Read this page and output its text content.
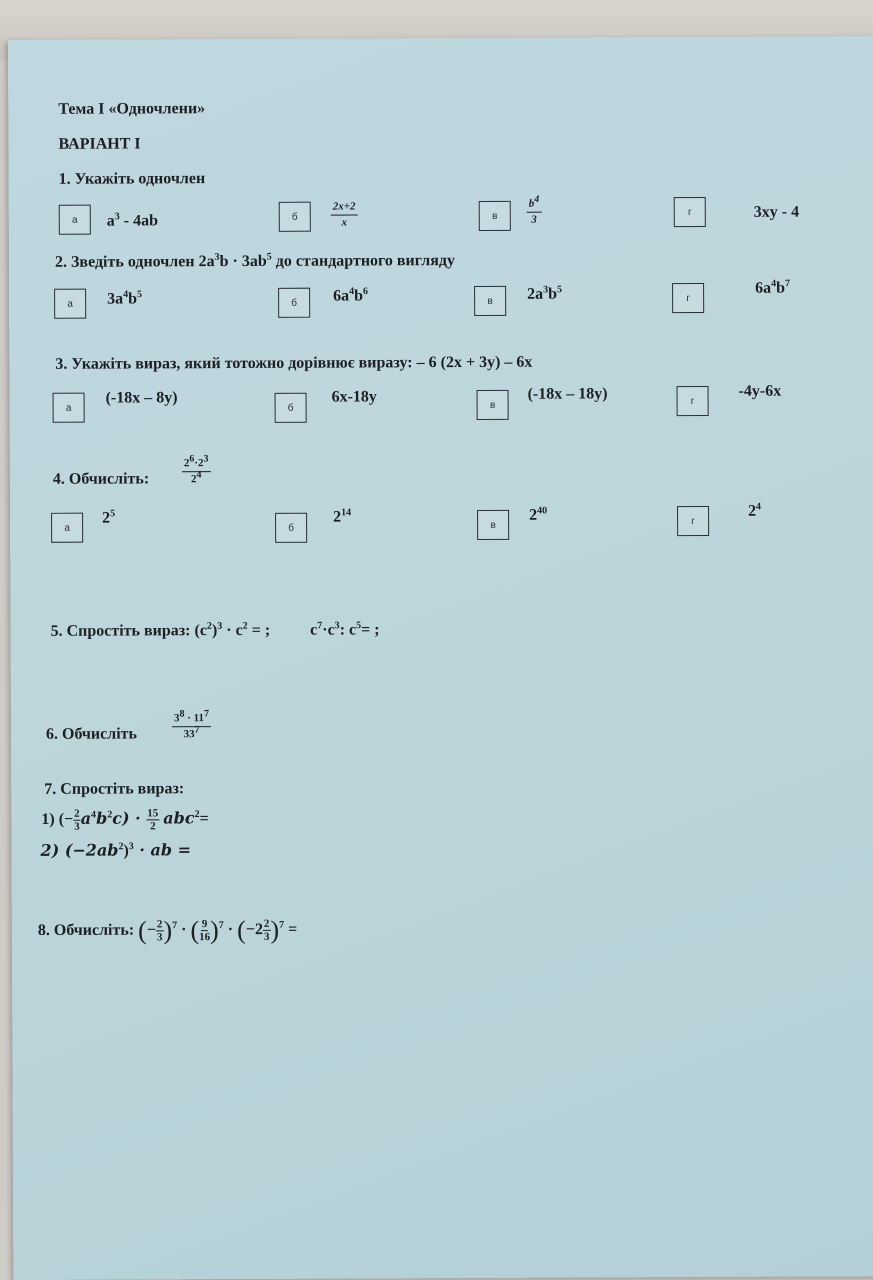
Тема І «Одночлени»
ВАРІАНТ І
1. Укажіть одночлен
а $a^3 - 4ab$	б	$\frac{2x+2}{x}$	в	$\frac{b^4}{3}$	г	3xy - 4
2. Зведіть одночлен $2a^3b \cdot 3ab^5$ до стандартного вигляду
а $3a^4b^5$
б $6a^4b^6$
в $2a^3b^5$
г
$6a^4b^7$
3. Укажіть вираз, який тотожно дорівнює виразу: – 6 (2x + 3y) – 6x
а
(-18x – 8y)
б
6x-18y	в
(-18x – 18y)	г
-4y-6x
4. Обчисліть:	$\frac{2^6\cdot 2^3}{2^4}$
а
$2^5$
б
$2^{14}$
в
$2^{40}$
г
$2^4$
5. Спростіть вираз: $(c^2)^3 \cdot c^2$ = ; $c^7\cdot c^3$: $c^5=$ ;
6. Обчисліть	$\frac{3^8 \cdot 11^7}{33^7}$
7. Спростіть вираз:
1) (− $\frac{2}{3} a^4b^2c) \cdot \frac{15}{2} abc^2=$
2) $(-2ab^2)^3$ · ab =
8. Обчисліть: (− $\frac{2}{3} )^7$ · ( $\frac{9}{16} )^7 \cdot (-2 \frac{2}{3} )^7$ =
